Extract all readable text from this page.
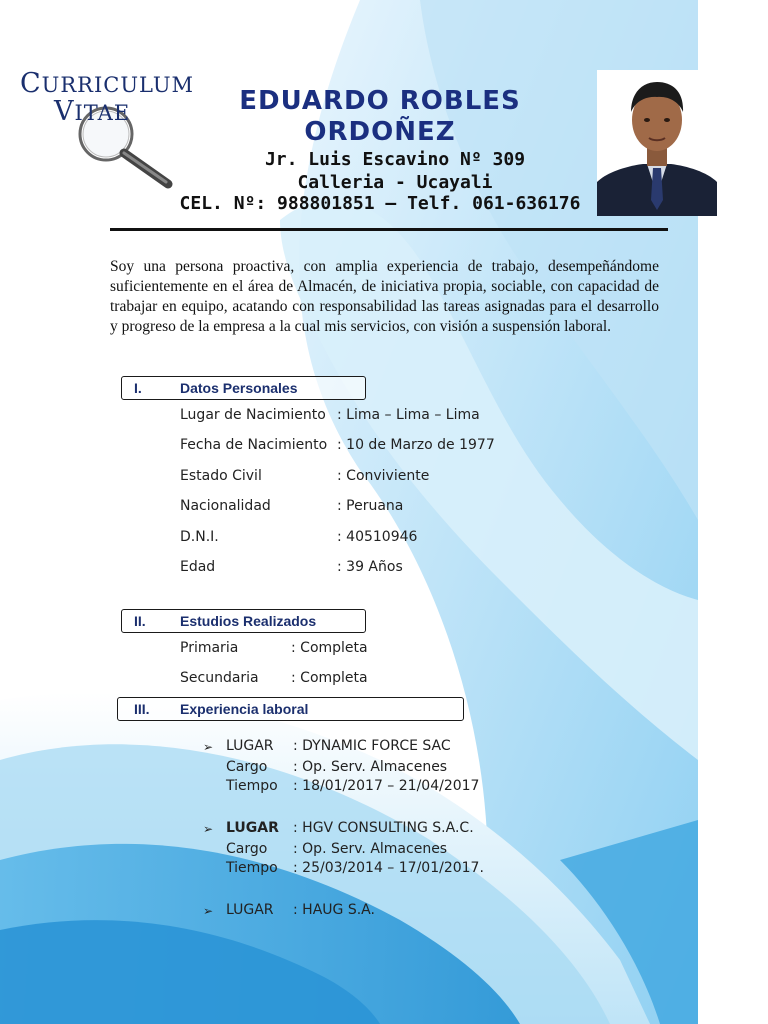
CURRICULUM
VITAE	EDUARDO ROBLES ORDOÑEZ
Jr. Luis Escavino Nº 309
Calleria - Ucayali
CEL. Nº: 988801851 – Telf. 061-636176
Soy una persona proactiva, con amplia experiencia de trabajo, desempeñándome suficientemente en el área de Almacén, de iniciativa propia, sociable, con capacidad de trabajar en equipo, acatando con responsabilidad las tareas asignadas para el desarrollo y progreso de la empresa a la cual mis servicios, con visión a suspensión laboral.
I.	Datos Personales
Lugar de Nacimiento : Lima – Lima – Lima
Fecha de Nacimiento : 10 de Marzo de 1977
Estado Civil	: Conviviente
Nacionalidad	: Peruana
D.N.I.	: 40510946
Edad	: 39 Años
II. Estudios Realizados
Primaria	: Completa
Secundaria : Completa
III. Experiencia laboral
➢ LUGAR : DYNAMIC FORCE SAC
Cargo : Op. Serv. Almacenes
Tiempo : 18/01/2017 – 21/04/2017
➢ LUGAR : HGV CONSULTING S.A.C.
Cargo : Op. Serv. Almacenes
Tiempo : 25/03/2014 – 17/01/2017.
➢ LUGAR : HAUG S.A.
